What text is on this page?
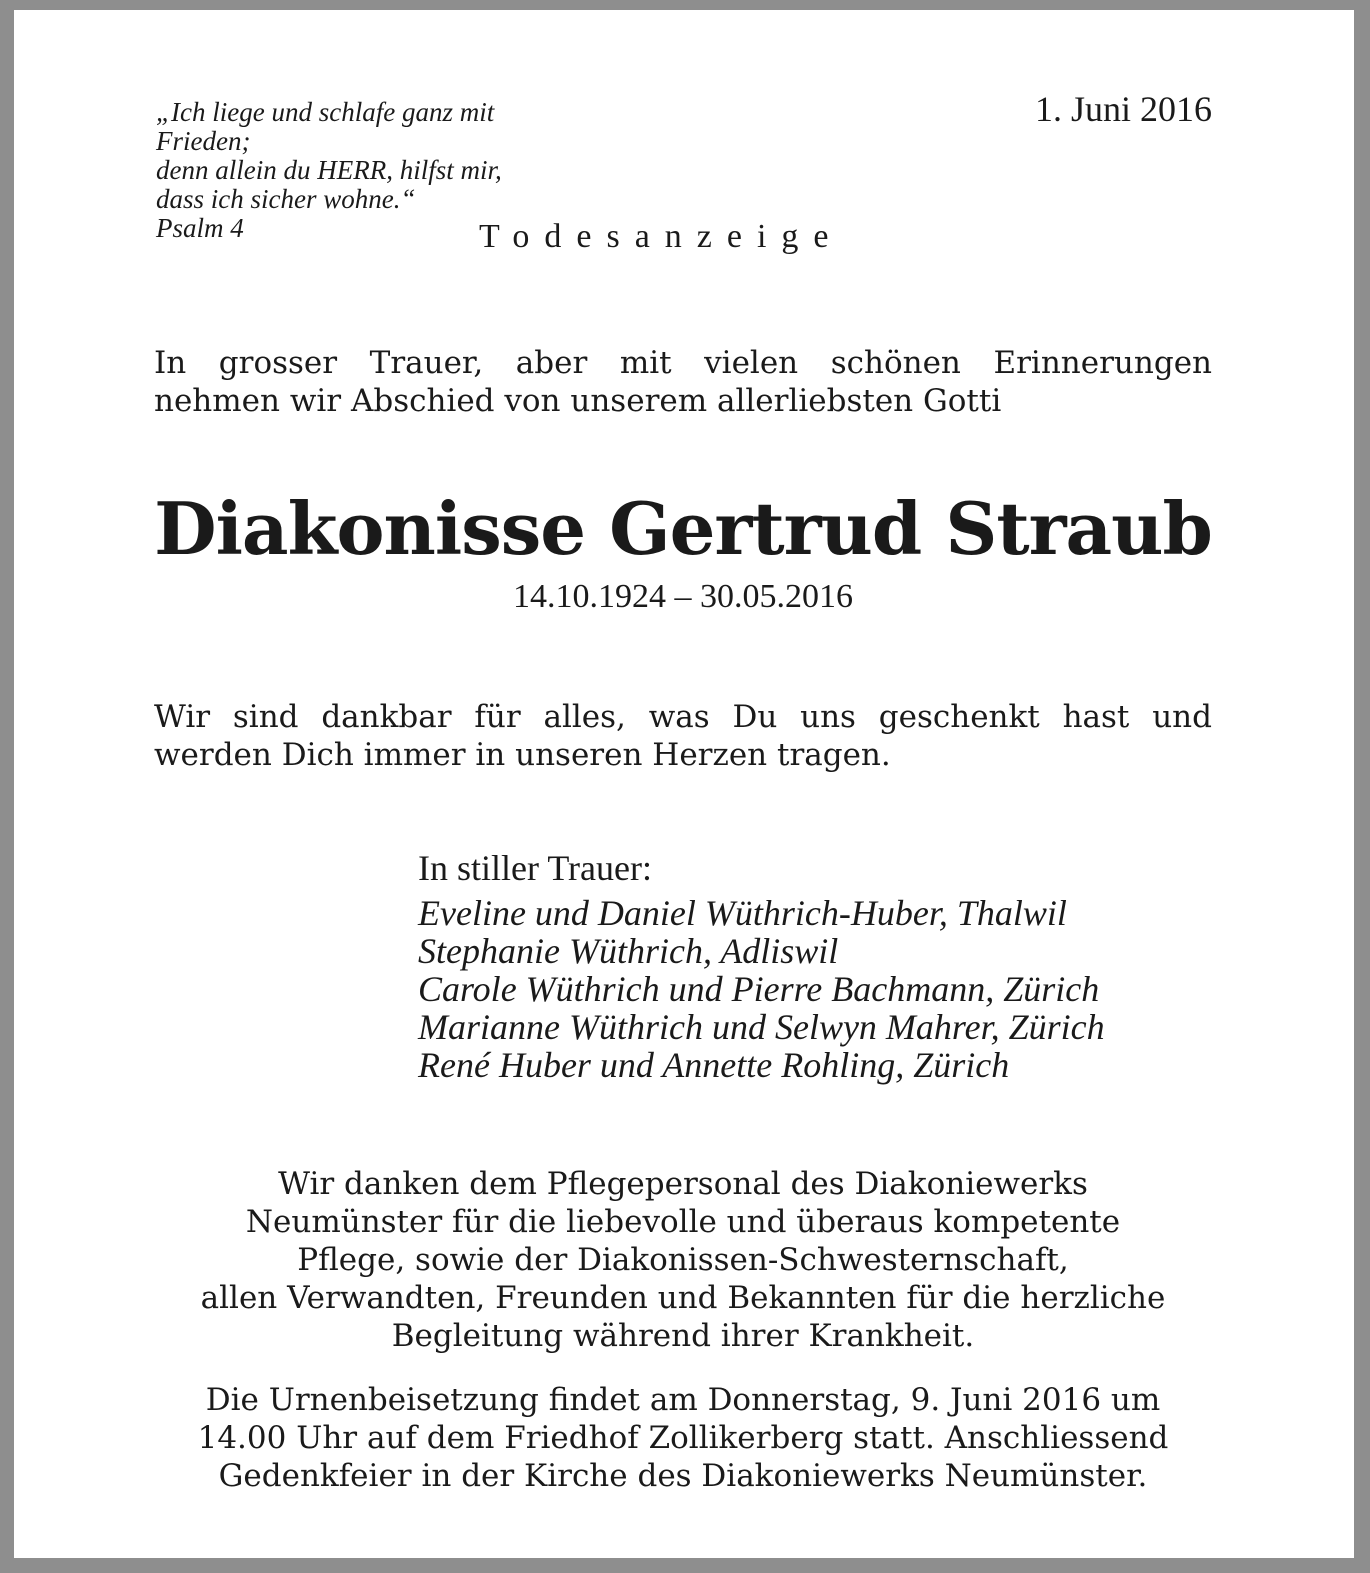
„Ich liege und schlafe ganz mit
Frieden;
denn allein du HERR, hilfst mir,
dass ich sicher wohne.“
Psalm 4
1. Juni 2016
Todesanzeige
In grosser Trauer, aber mit vielen schönen Erinnerungen
nehmen wir Abschied von unserem allerliebsten Gotti
Diakonisse Gertrud Straub
14.10.1924 – 30.05.2016
Wir sind dankbar für alles, was Du uns geschenkt hast und
werden Dich immer in unseren Herzen tragen.
In stiller Trauer:
Eveline und Daniel Wüthrich-Huber, Thalwil
Stephanie Wüthrich, Adliswil
Carole Wüthrich und Pierre Bachmann, Zürich
Marianne Wüthrich und Selwyn Mahrer, Zürich
René Huber und Annette Rohling, Zürich
Wir danken dem Pflegepersonal des Diakoniewerks
Neumünster für die liebevolle und überaus kompetente
Pflege, sowie der Diakonissen-Schwesternschaft,
allen Verwandten, Freunden und Bekannten für die herzliche
Begleitung während ihrer Krankheit.
Die Urnenbeisetzung findet am Donnerstag, 9. Juni 2016 um
14.00 Uhr auf dem Friedhof Zollikerberg statt. Anschliessend
Gedenkfeier in der Kirche des Diakoniewerks Neumünster.
